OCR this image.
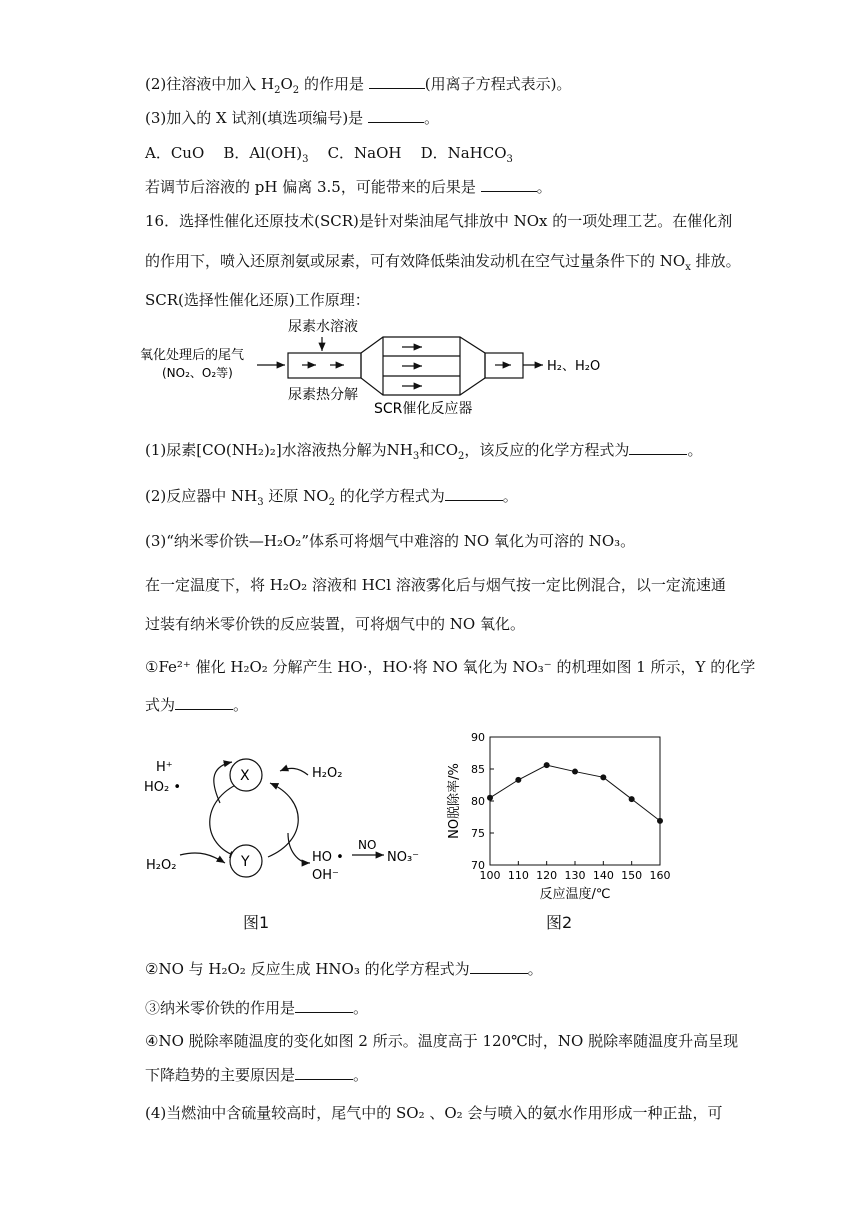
(2)往溶液中加入 $H_2O_2$ 的作用是	(用离子方程式表示)。
(3)加入的 X 试剂(填选项编号)是	。
A．CuO B．$Al(OH)_3$ C．NaOH D．NaHCO$_3$
若调节后溶液的 pH 偏离 3.5，可能带来的后果是	。
16．选择性催化还原技术(SCR)是针对柴油尾气排放中 NOx 的一项处理工艺。在催化剂
的作用下，喷入还原剂氨或尿素，可有效降低柴油发动机在空气过量条件下的 $NO_x$ 排放。
SCR(选择性催化还原)工作原理：
尿素水溶液
氧化处理后的尾气
(NO₂、O₂等)	H₂、H₂O
尿素热分解
SCR催化反应器
(1)尿素[CO(NH₂)₂]水溶液热分解为$NH_3$和$CO_2$，该反应的化学方程式为	。
(2)反应器中 $NH_3$ 还原 $NO_2$ 的化学方程式为	。
(3)“纳米零价铁—H₂O₂”体系可将烟气中难溶的 NO 氧化为可溶的 NO₃。
在一定温度下，将 H₂O₂ 溶液和 HCl 溶液雾化后与烟气按一定比例混合，以一定流速通
过装有纳米零价铁的反应装置，可将烟气中的 NO 氧化。
①Fe²⁺ 催化 H₂O₂ 分解产生 HO·，HO·将 NO 氧化为 NO₃⁻ 的机理如图 1 所示，Y 的化学
式为	。
X
Y
H⁺
HO₂ •
H₂O₂
H₂O₂
HO •
OH⁻
NO
NO₃⁻
图1
100 110 120 130 140 150 160
70
75
80
85
90
反应温度/℃
NO脱除率/%
图2
②NO 与 H₂O₂ 反应生成 HNO₃ 的化学方程式为	。
③纳米零价铁的作用是	。
④NO 脱除率随温度的变化如图 2 所示。温度高于 120℃时，NO 脱除率随温度升高呈现
下降趋势的主要原因是	。
(4)当燃油中含硫量较高时，尾气中的 SO₂ 、O₂ 会与喷入的氨水作用形成一种正盐，可
